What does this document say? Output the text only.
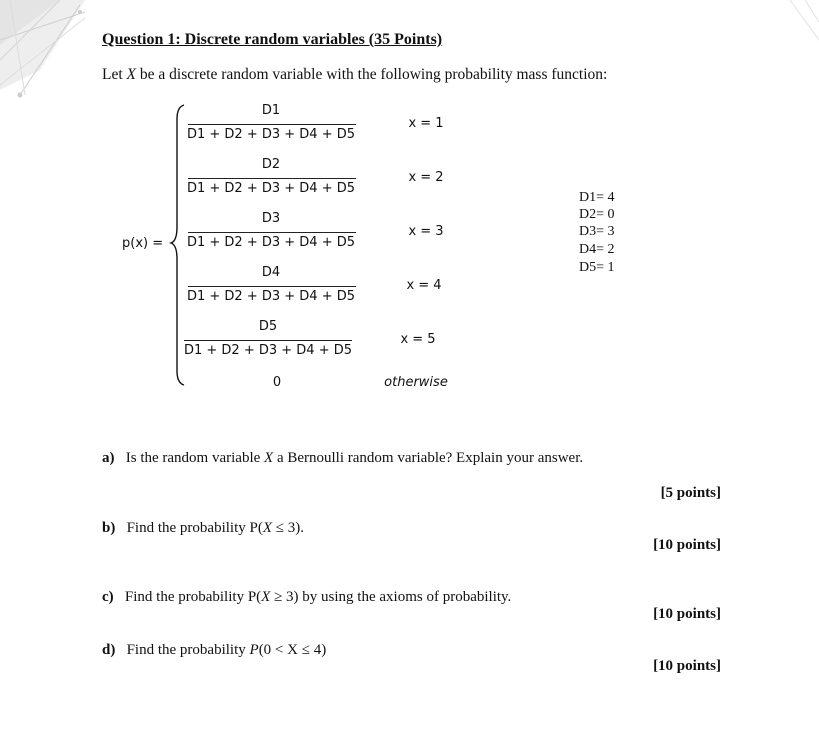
Question 1: Discrete random variables (35 Points)
Let X be a discrete random variable with the following probability mass function:
p(x) =
D1
D1 + D2 + D3 + D4 + D5
x = 1
D2
D1 + D2 + D3 + D4 + D5
x = 2
D3
D1 + D2 + D3 + D4 + D5
x = 3
D4
D1 + D2 + D3 + D4 + D5
x = 4
D5
D1 + D2 + D3 + D4 + D5
x = 5
0	otherwise
D1= 4
D2= 0
D3= 3
D4= 2
D5= 1
a) Is the random variable X a Bernoulli random variable? Explain your answer.
[5 points]
b) Find the probability P(X ≤ 3).
[10 points]
c) Find the probability P(X ≥ 3) by using the axioms of probability.
[10 points]
d) Find the probability P(0 < X ≤ 4)
[10 points]
